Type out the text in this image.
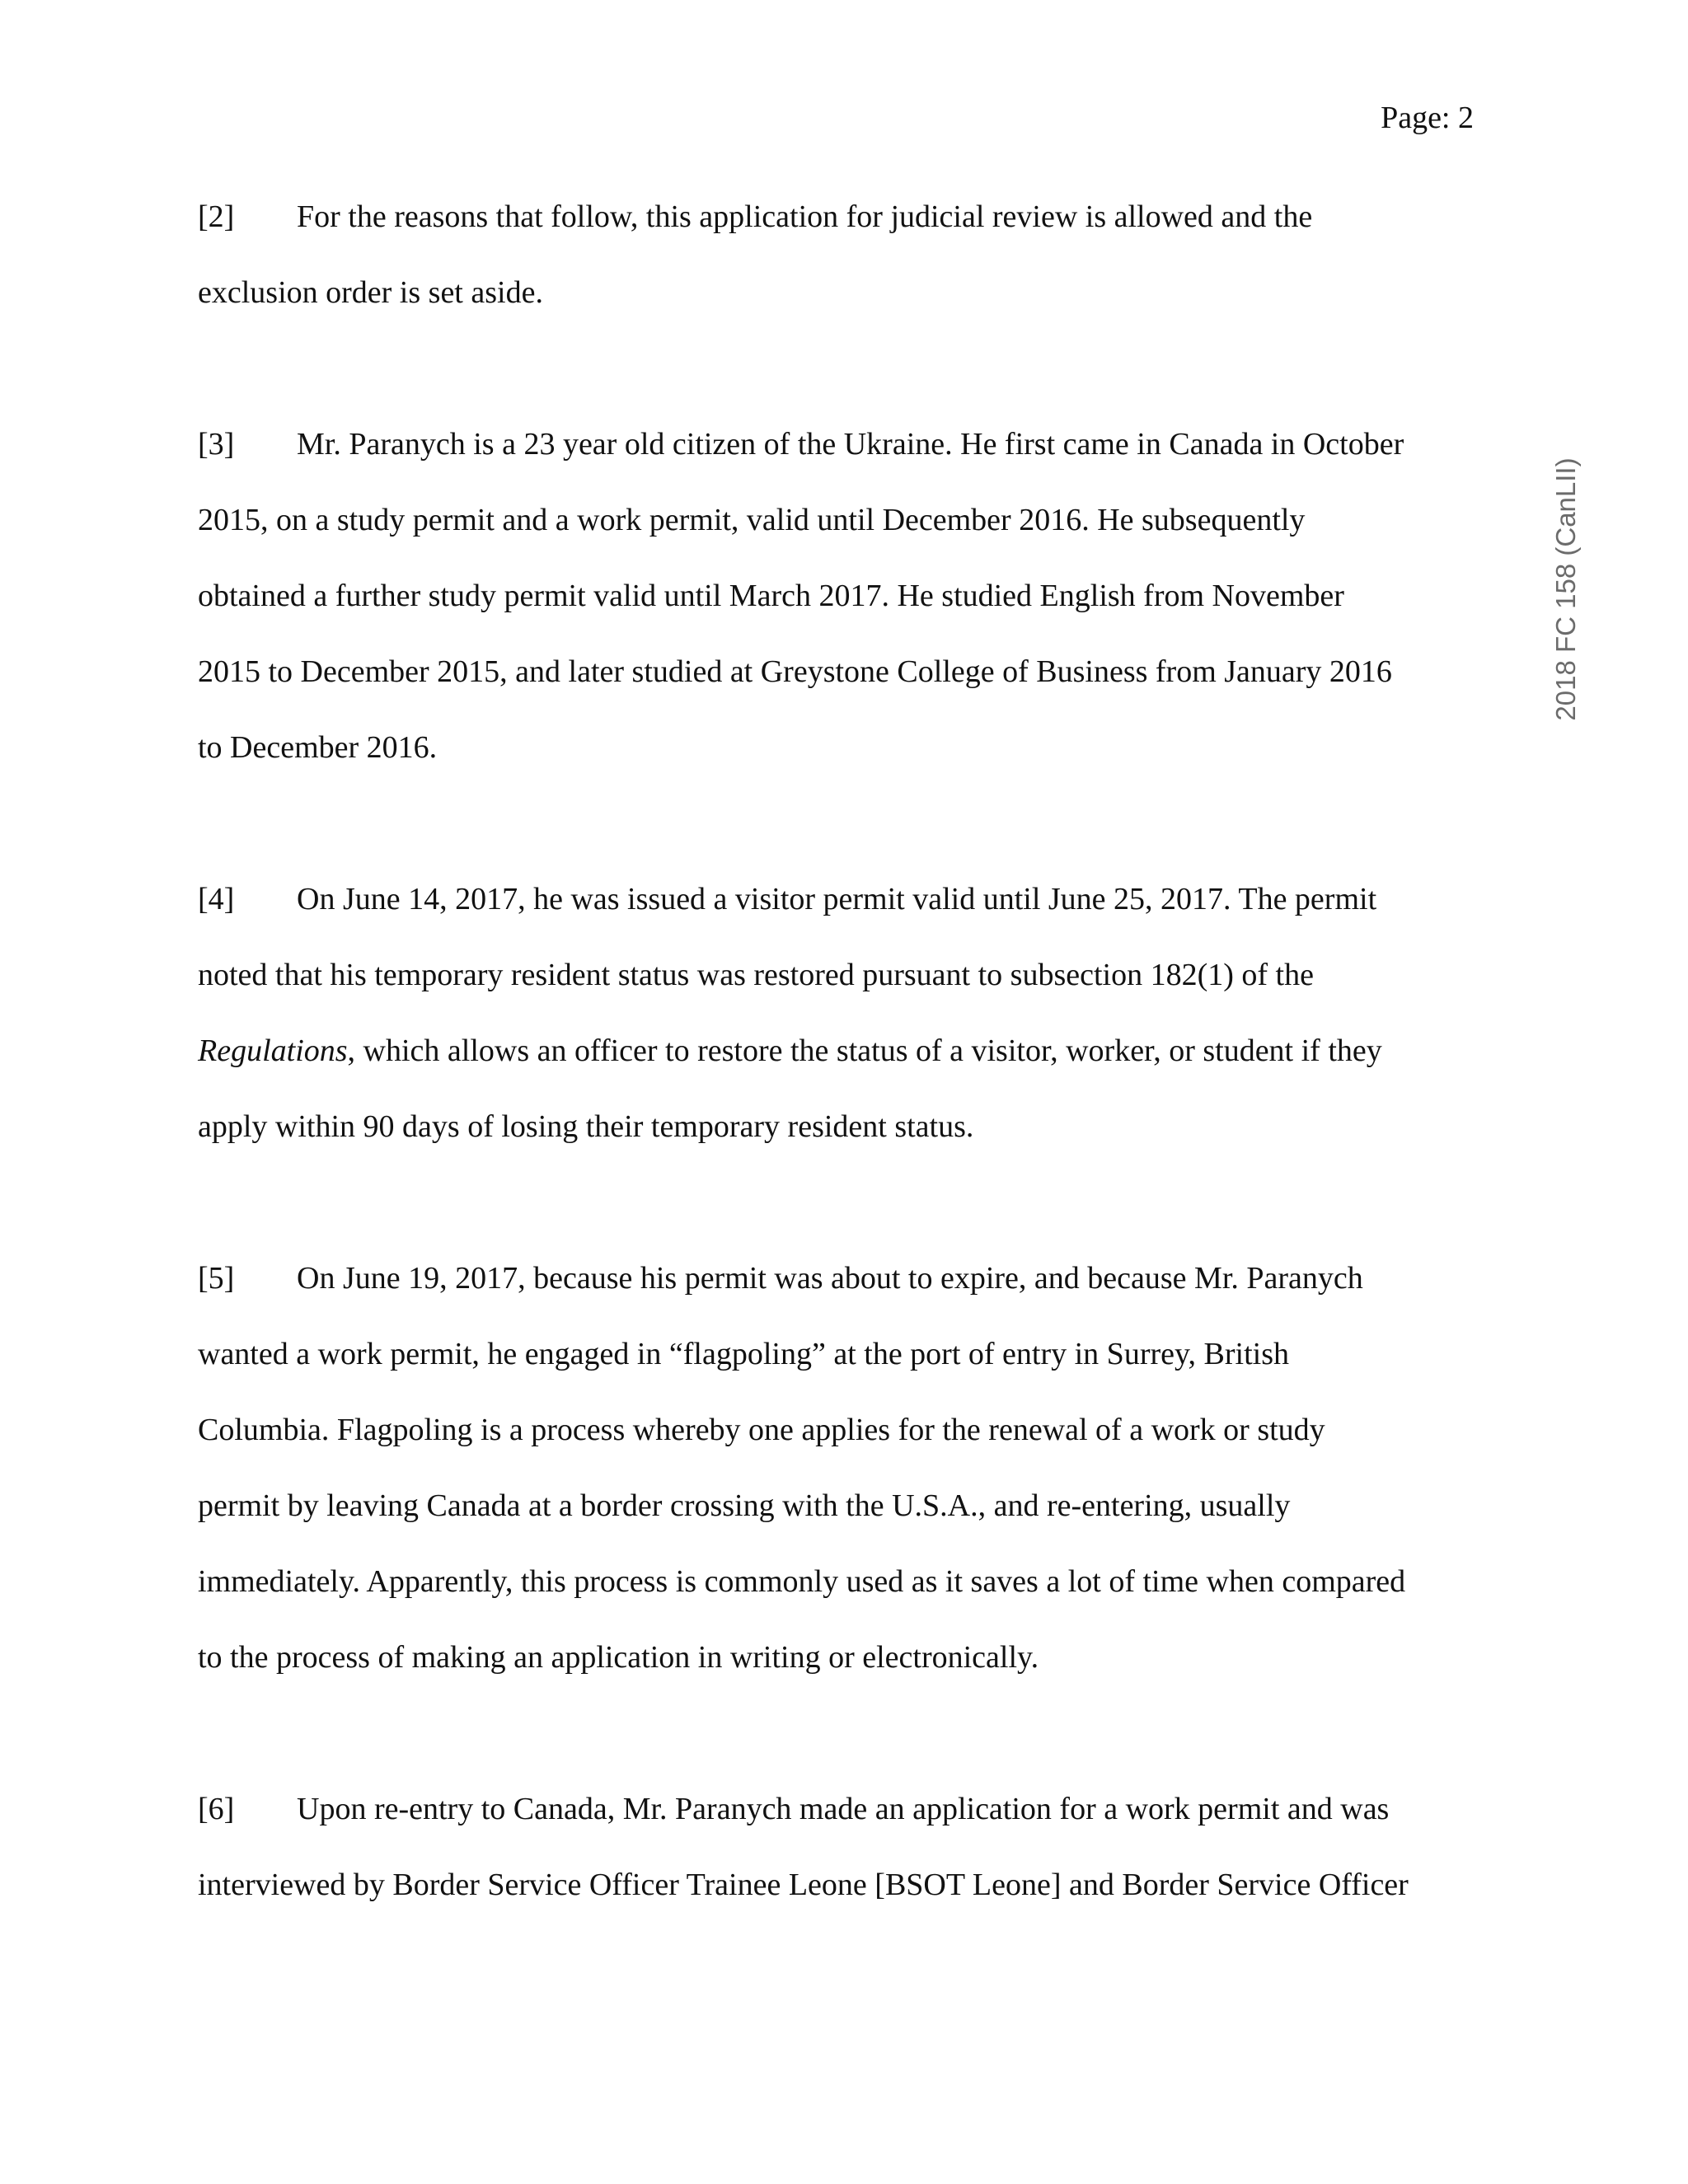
Page: 2
2018 FC 158 (CanLII)
[2] For the reasons that follow, this application for judicial review is allowed and the
exclusion order is set aside.
[3] Mr. Paranych is a 23 year old citizen of the Ukraine. He first came in Canada in October
2015, on a study permit and a work permit, valid until December 2016. He subsequently
obtained a further study permit valid until March 2017. He studied English from November
2015 to December 2015, and later studied at Greystone College of Business from January 2016
to December 2016.
[4] On June 14, 2017, he was issued a visitor permit valid until June 25, 2017. The permit
noted that his temporary resident status was restored pursuant to subsection 182(1) of the
Regulations, which allows an officer to restore the status of a visitor, worker, or student if they
apply within 90 days of losing their temporary resident status.
[5] On June 19, 2017, because his permit was about to expire, and because Mr. Paranych
wanted a work permit, he engaged in “flagpoling” at the port of entry in Surrey, British
Columbia. Flagpoling is a process whereby one applies for the renewal of a work or study
permit by leaving Canada at a border crossing with the U.S.A., and re-entering, usually
immediately. Apparently, this process is commonly used as it saves a lot of time when compared
to the process of making an application in writing or electronically.
[6] Upon re-entry to Canada, Mr. Paranych made an application for a work permit and was
interviewed by Border Service Officer Trainee Leone [BSOT Leone] and Border Service Officer
